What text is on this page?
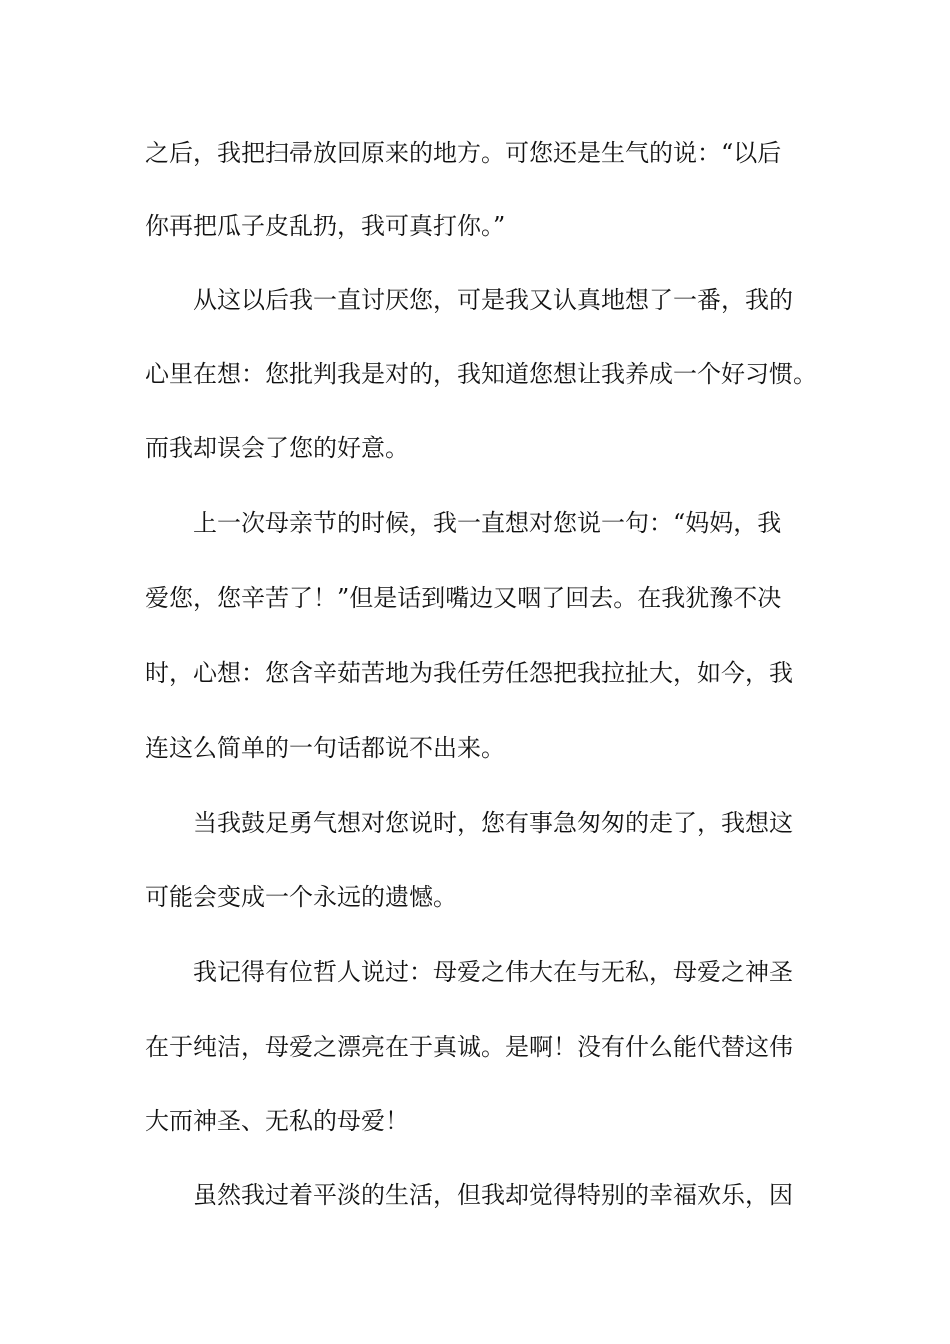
之后，我把扫帚放回原来的地方。可您还是生气的说：“以后
你再把瓜子皮乱扔，我可真打你。”
从这以后我一直讨厌您，可是我又认真地想了一番，我的
心里在想：您批判我是对的，我知道您想让我养成一个好习惯。
而我却误会了您的好意。
上一次母亲节的时候，我一直想对您说一句：“妈妈，我
爱您，您辛苦了！”但是话到嘴边又咽了回去。在我犹豫不决
时，心想：您含辛茹苦地为我任劳任怨把我拉扯大，如今，我
连这么简单的一句话都说不出来。
当我鼓足勇气想对您说时，您有事急匆匆的走了，我想这
可能会变成一个永远的遗憾。
我记得有位哲人说过：母爱之伟大在与无私，母爱之神圣
在于纯洁，母爱之漂亮在于真诚。是啊！没有什么能代替这伟
大而神圣、无私的母爱！
虽然我过着平淡的生活，但我却觉得特别的幸福欢乐，因
